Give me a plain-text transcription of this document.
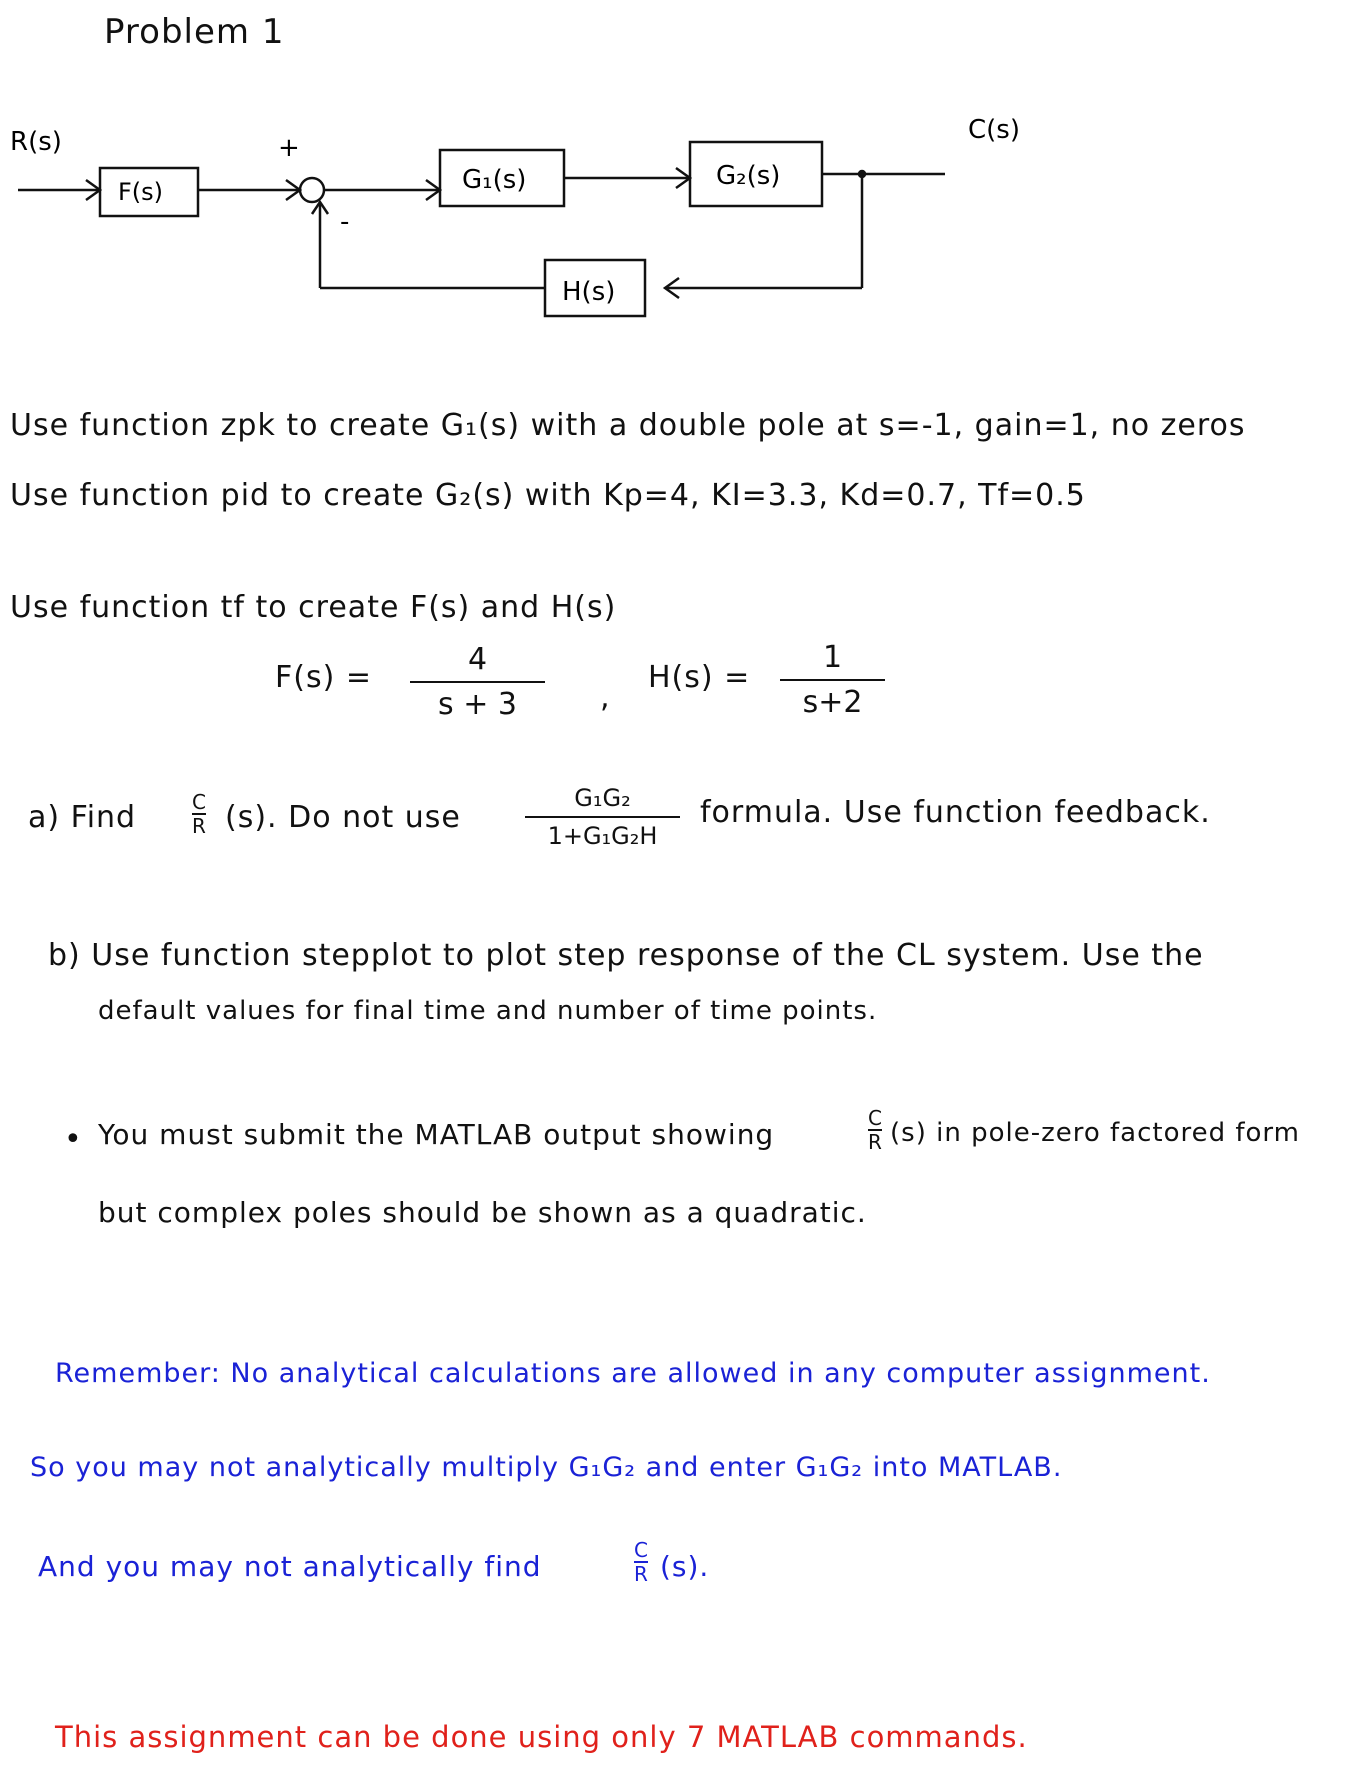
Problem 1
R(s)	C(s)
+
-
F(s)	G₁(s)	G₂(s)
H(s)
Use function zpk to create G₁(s) with a double pole at s=-1, gain=1, no zeros
Use function pid to create G₂(s) with Kp=4, KI=3.3, Kd=0.7, Tf=0.5
Use function tf to create F(s) and H(s)
F(s) =
4
s + 3	,
H(s) =
1
s+2
a) Find	C
R (s). Do not use
G₁G₂
1+G₁G₂H
formula. Use function feedback.
b) Use function stepplot to plot step response of the CL system. Use the
default values for final time and number of time points.
• You must submit the MATLAB output showing	C
R (s) in pole-zero factored form
but complex poles should be shown as a quadratic.
Remember: No analytical calculations are allowed in any computer assignment.
So you may not analytically multiply G₁G₂ and enter G₁G₂ into MATLAB.
And you may not analytically find	C
R (s).
This assignment can be done using only 7 MATLAB commands.
